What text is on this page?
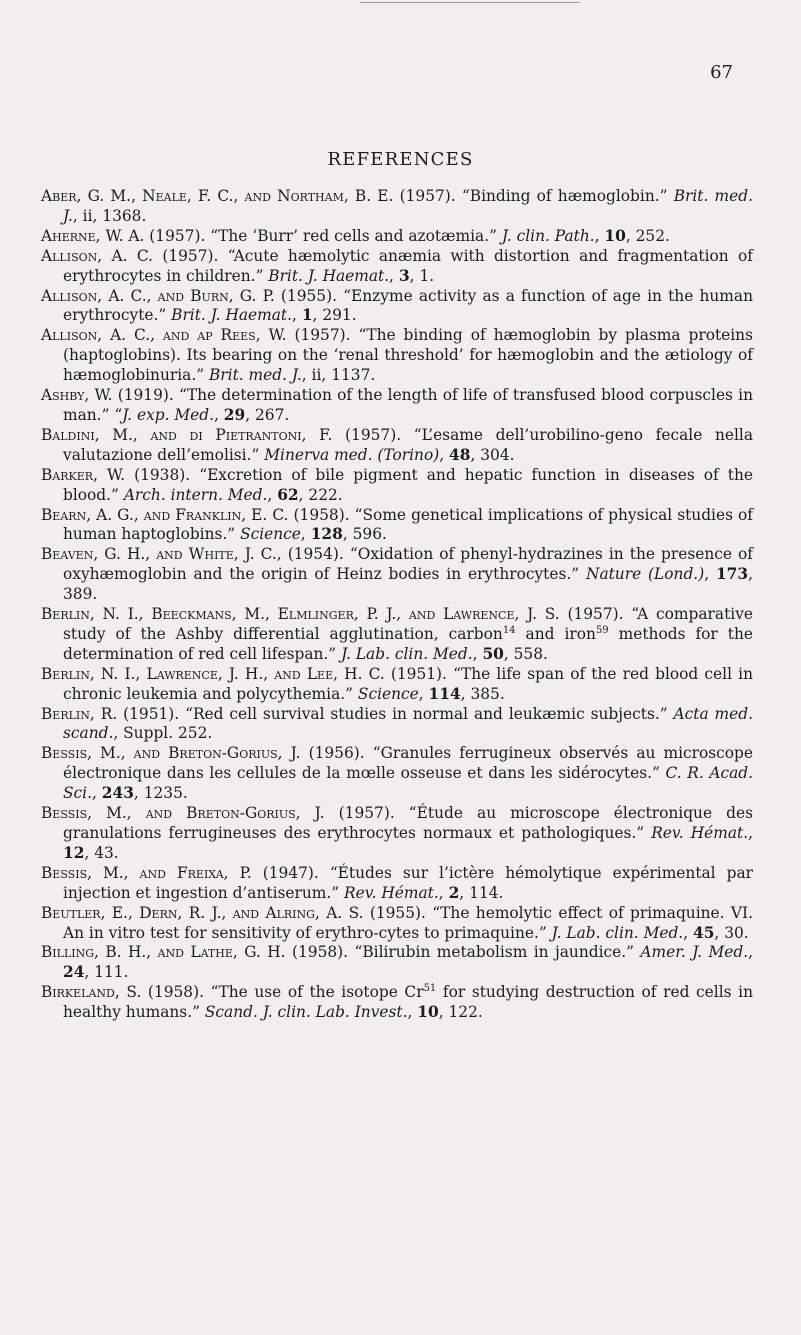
67
REFERENCES
Aber, G. M., Neale, F. C., and Northam, B. E. (1957). “Binding of hæmoglobin.” Brit. med. J., ii, 1368.
Aherne, W. A. (1957). “The ‘Burr’ red cells and azotæmia.” J. clin. Path., 10, 252.
Allison, A. C. (1957). “Acute hæmolytic anæmia with distortion and fragmentation of erythrocytes in children.” Brit. J. Haemat., 3, 1.
Allison, A. C., and Burn, G. P. (1955). “Enzyme activity as a function of age in the human erythrocyte.” Brit. J. Haemat., 1, 291.
Allison, A. C., and ap Rees, W. (1957). “The binding of hæmoglobin by plasma proteins (haptoglobins). Its bearing on the ‘renal threshold’ for hæmoglobin and the ætiology of hæmoglobinuria.” Brit. med. J., ii, 1137.
Ashby, W. (1919). “The determination of the length of life of transfused blood corpuscles in man.” “J. exp. Med., 29, 267.
Baldini, M., and di Pietrantoni, F. (1957). “L’esame dell’urobilino-geno fecale nella valutazione dell’emolisi.” Minerva med. (Torino), 48, 304.
Barker, W. (1938). “Excretion of bile pigment and hepatic function in diseases of the blood.” Arch. intern. Med., 62, 222.
Bearn, A. G., and Franklin, E. C. (1958). “Some genetical implications of physical studies of human haptoglobins.” Science, 128, 596.
Beaven, G. H., and White, J. C., (1954). “Oxidation of phenyl-hydrazines in the presence of oxyhæmoglobin and the origin of Heinz bodies in erythrocytes.” Nature (Lond.), 173, 389.
Berlin, N. I., Beeckmans, M., Elmlinger, P. J., and Lawrence, J. S. (1957). “A comparative study of the Ashby differential agglutination, carbon$^{14}$ and iron$^{59}$ methods for the determination of red cell lifespan.” J. Lab. clin. Med., 50, 558.
Berlin, N. I., Lawrence, J. H., and Lee, H. C. (1951). “The life span of the red blood cell in chronic leukemia and polycythemia.” Science, 114, 385.
Berlin, R. (1951). “Red cell survival studies in normal and leukæmic subjects.” Acta med. scand., Suppl. 252.
Bessis, M., and Breton-Gorius, J. (1956). “Granules ferrugineux observés au microscope électronique dans les cellules de la mœlle osseuse et dans les sidérocytes.” C. R. Acad. Sci., 243, 1235.
Bessis, M., and Breton-Gorius, J. (1957). “Étude au microscope électronique des granulations ferrugineuses des erythrocytes normaux et pathologiques.” Rev. Hémat., 12, 43.
Bessis, M., and Freixa, P. (1947). “Études sur l’ictère hémolytique expérimental par injection et ingestion d’antiserum.” Rev. Hémat., 2, 114.
Beutler, E., Dern, R. J., and Alring, A. S. (1955). “The hemolytic effect of primaquine. VI. An in vitro test for sensitivity of erythro-cytes to primaquine.” J. Lab. clin. Med., 45, 30.
Billing, B. H., and Lathe, G. H. (1958). “Bilirubin metabolism in jaundice.” Amer. J. Med., 24, 111.
Birkeland, S. (1958). “The use of the isotope Cr$^{51}$ for studying destruction of red cells in healthy humans.” Scand. J. clin. Lab. Invest., 10, 122.
